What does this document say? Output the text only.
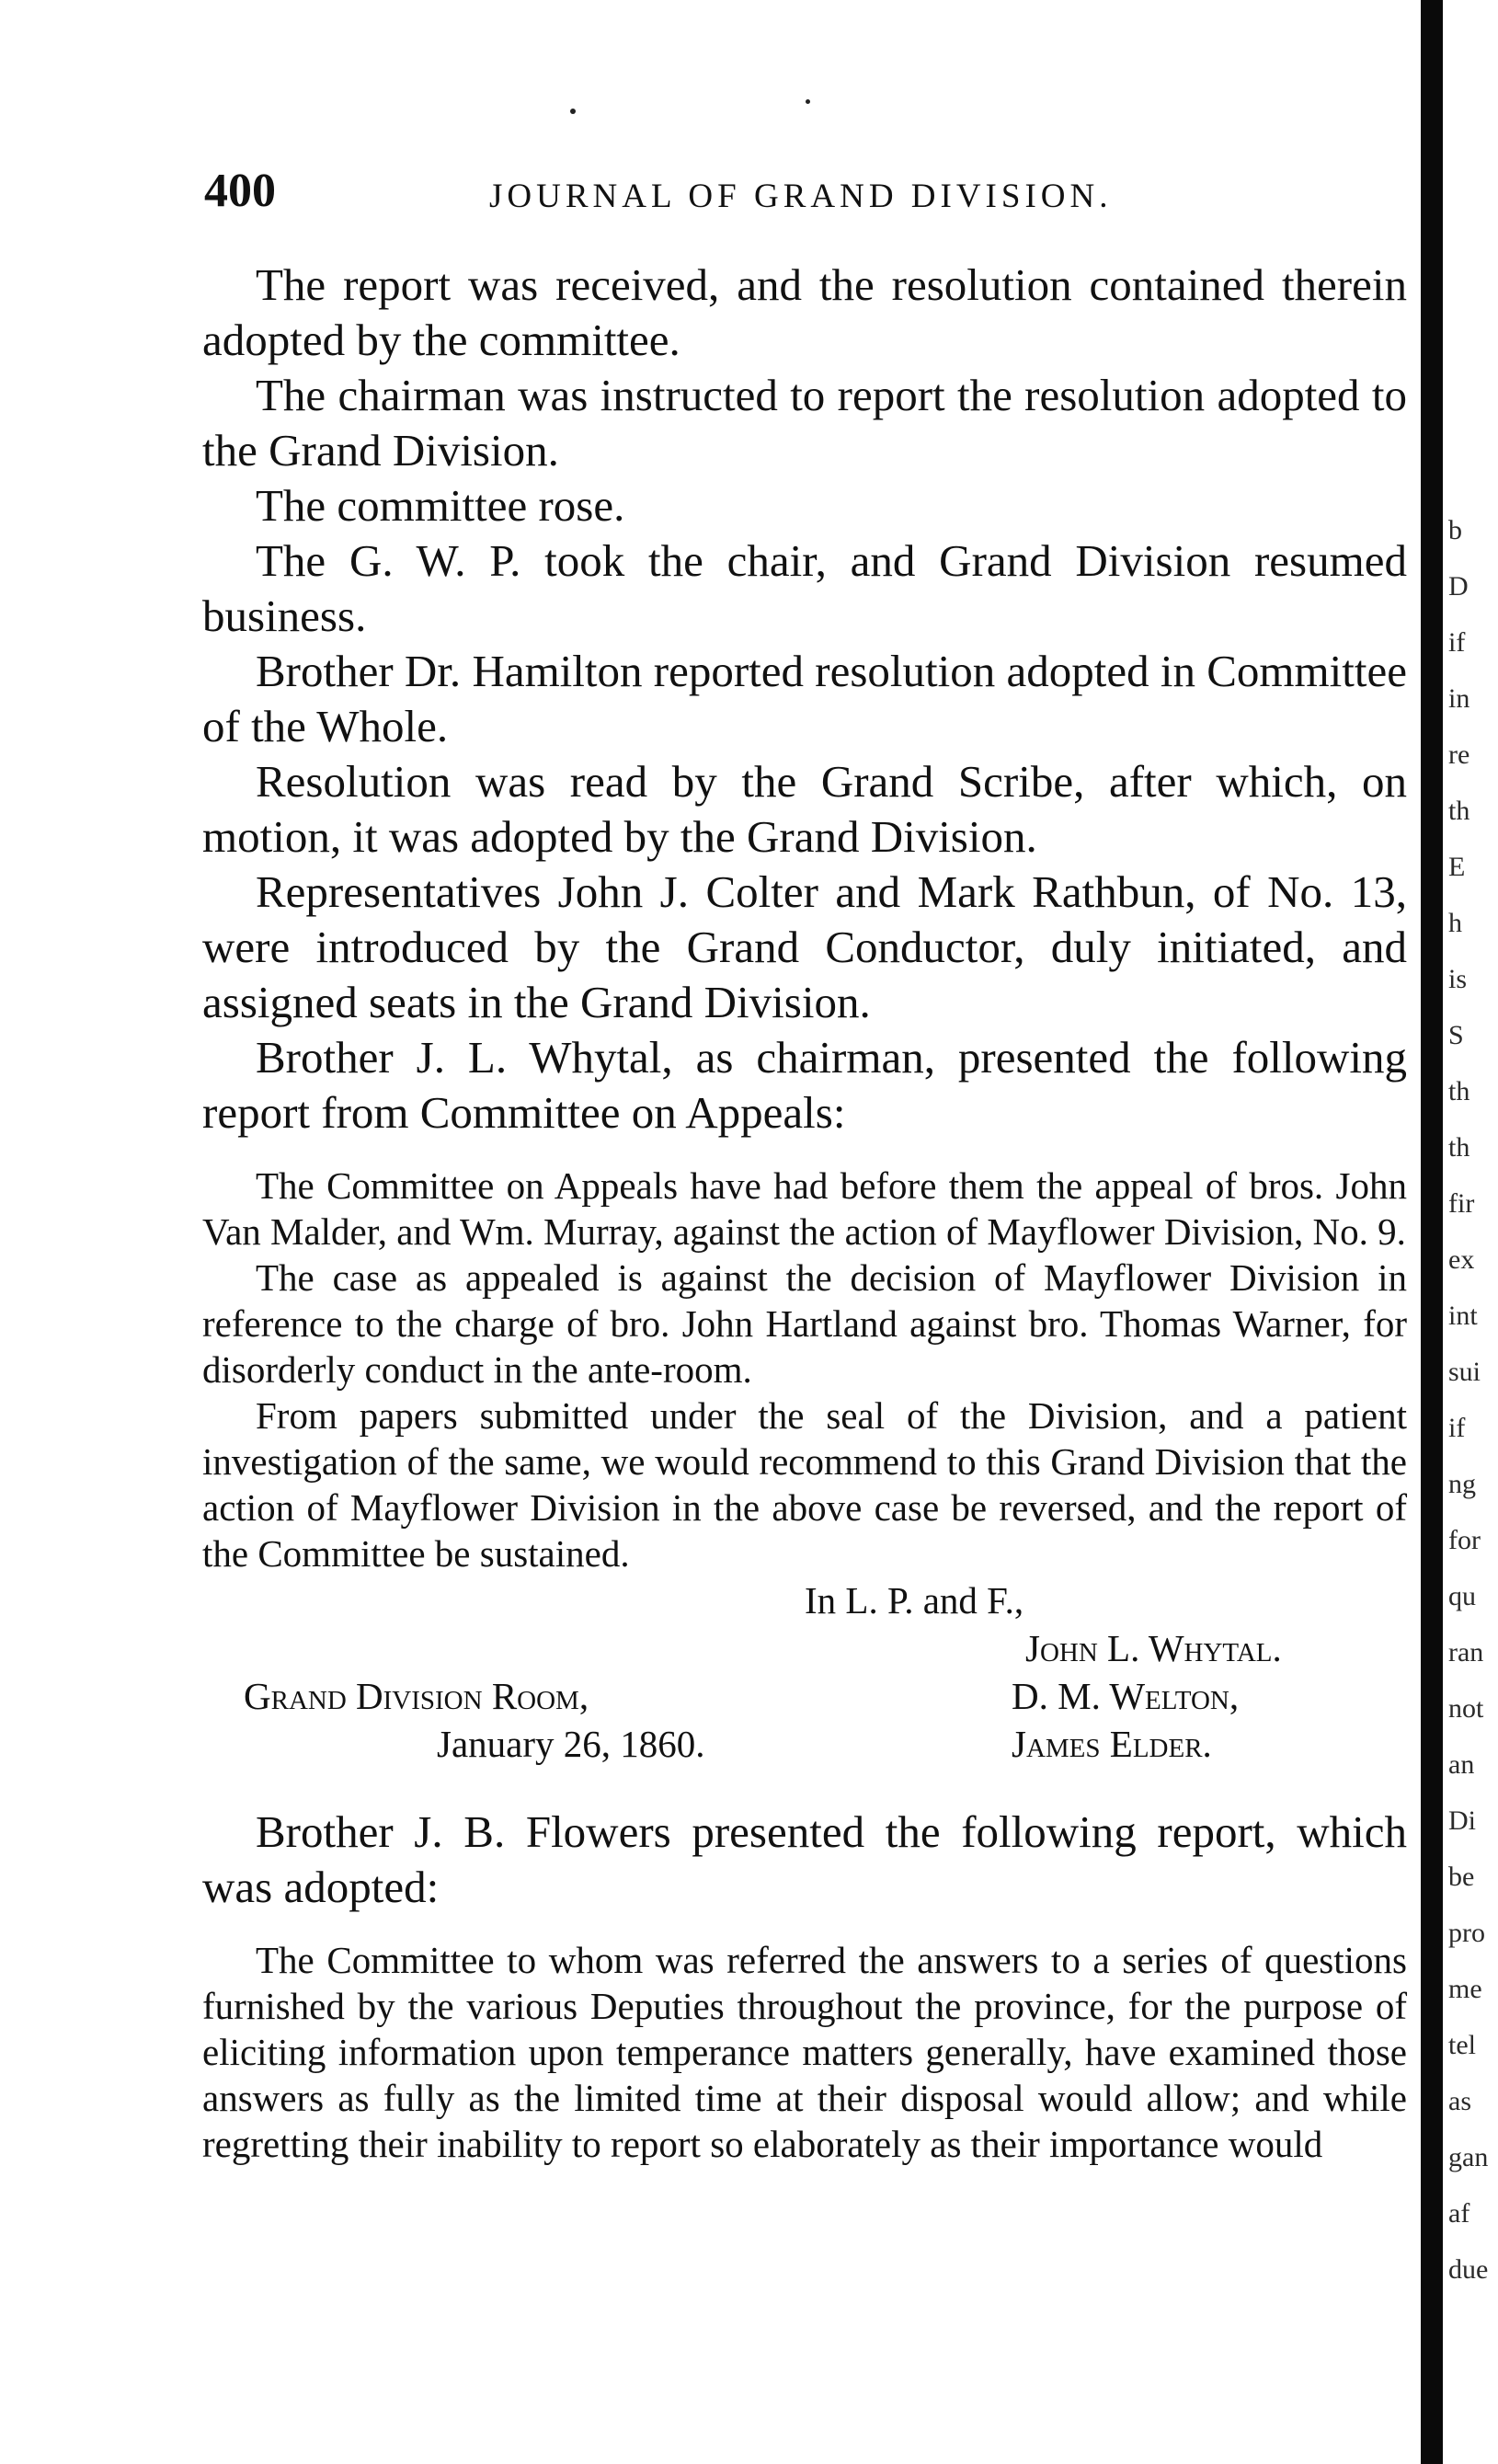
400	JOURNAL OF GRAND DIVISION.

The report was received, and the resolution contained therein adopted by the committee.

The chairman was instructed to report the resolution adopted to the Grand Division.

The committee rose.

The G. W. P. took the chair, and Grand Division resumed business.

Brother Dr. Hamilton reported resolution adopted in Committee of the Whole.

Resolution was read by the Grand Scribe, after which, on motion, it was adopted by the Grand Division.

Representatives John J. Colter and Mark Rathbun, of No. 13, were introduced by the Grand Conductor, duly initiated, and assigned seats in the Grand Division.

Brother J. L. Whytal, as chairman, presented the following report from Committee on Appeals:

The Committee on Appeals have had before them the appeal of bros. John Van Malder, and Wm. Murray, against the action of Mayflower Division, No. 9.

The case as appealed is against the decision of Mayflower Division in reference to the charge of bro. John Hartland against bro. Thomas Warner, for disorderly conduct in the ante-room.

From papers submitted under the seal of the Division, and a patient investigation of the same, we would recommend to this Grand Division that the action of Mayflower Division in the above case be reversed, and the report of the Committee be sustained.

In L. P. and F.,
Grand Division Room,
January 26, 1860.
John L. Whytal.
D. M. Welton,
James Elder.

Brother J. B. Flowers presented the following report, which was adopted:

The Committee to whom was referred the answers to a series of questions furnished by the various Deputies throughout the province, for the purpose of eliciting information upon temperance matters generally, have examined those answers as fully as the limited time at their disposal would allow; and while regretting their inability to report so elaborately as their importance would

b
D
if
in
re
th
E
h
is
S
th
th
fir
ex
int
sui
if
ng
for
qu
ran
not
an
Di
be
pro
me
tel
as
gan
af
due
